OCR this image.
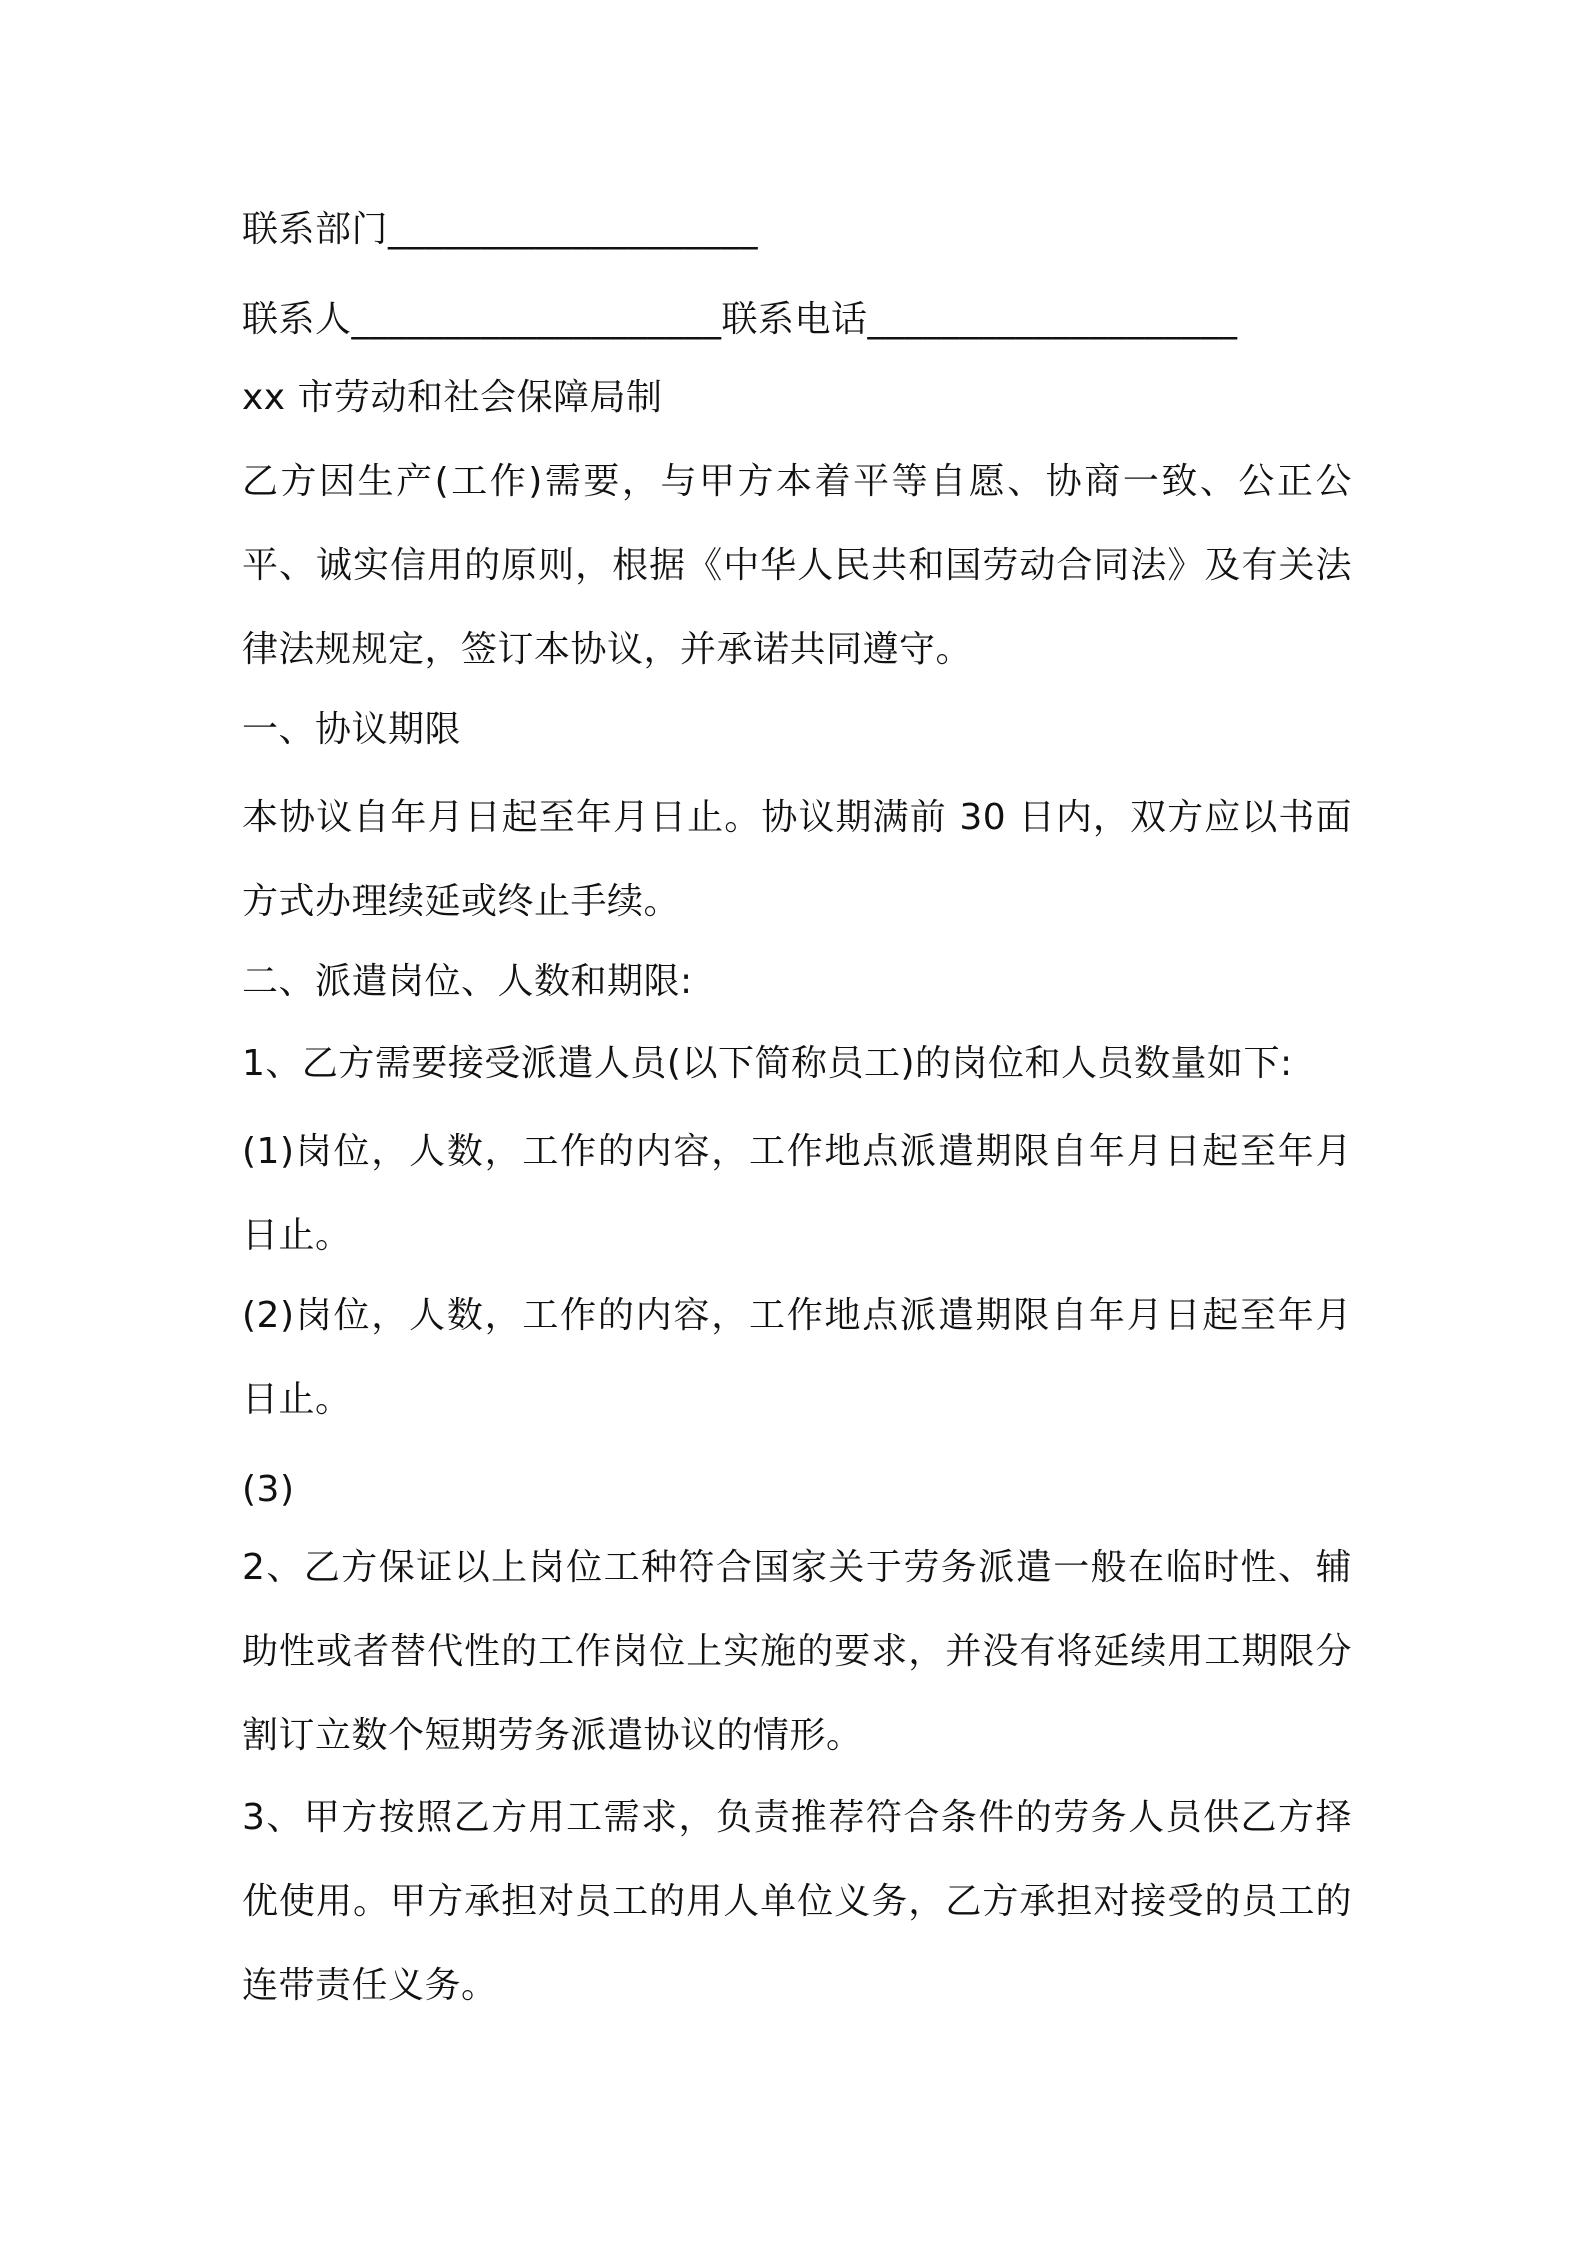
联系部门____________________
联系人____________________联系电话____________________
xx 市劳动和社会保障局制
乙方因生产(工作)需要，与甲方本着平等自愿、协商一致、公正公平、诚实信用的原则，根据《中华人民共和国劳动合同法》及有关法律法规规定，签订本协议，并承诺共同遵守。
一、协议期限
本协议自年月日起至年月日止。协议期满前 30 日内，双方应以书面方式办理续延或终止手续。
二、派遣岗位、人数和期限:
1、乙方需要接受派遣人员(以下简称员工)的岗位和人员数量如下:
(1)岗位，人数，工作的内容，工作地点派遣期限自年月日起至年月日止。
(2)岗位，人数，工作的内容，工作地点派遣期限自年月日起至年月日止。
(3)
2、乙方保证以上岗位工种符合国家关于劳务派遣一般在临时性、辅助性或者替代性的工作岗位上实施的要求，并没有将延续用工期限分割订立数个短期劳务派遣协议的情形。
3、甲方按照乙方用工需求，负责推荐符合条件的劳务人员供乙方择优使用。甲方承担对员工的用人单位义务，乙方承担对接受的员工的连带责任义务。
